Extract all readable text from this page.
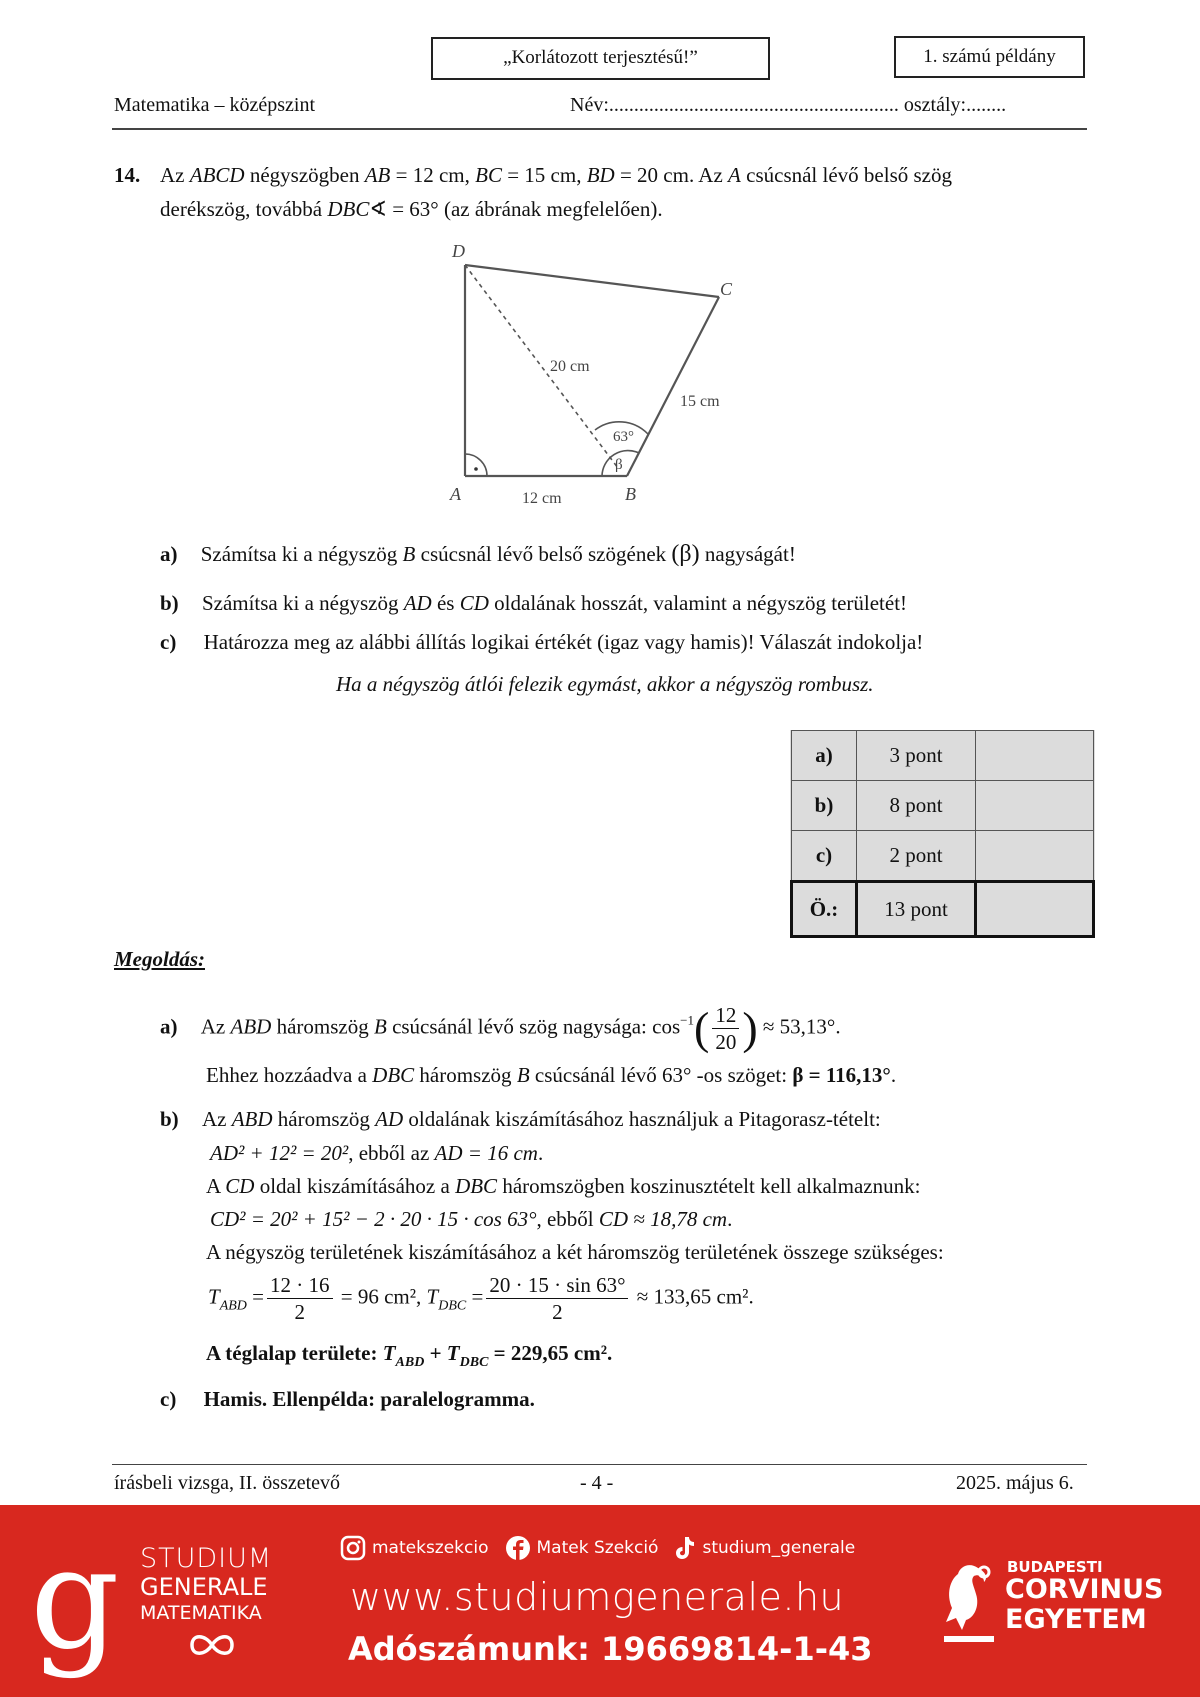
„Korlátozott terjesztésű!”	1. számú példány
Matematika – középszint	Név:.......................................................... osztály:........
14. Az ABCD négyszögben AB = 12 cm, BC = 15 cm, BD = 20 cm. Az A csúcsnál lévő belső szög
derékszög, továbbá DBC∢ = 63° (az ábrának megfelelően).
D
C
A	B
12 cm
20 cm
15 cm
63°
β
a) Számítsa ki a négyszög B csúcsnál lévő belső szögének (β) nagyságát!
b) Számítsa ki a négyszög AD és CD oldalának hosszát, valamint a négyszög területét!
c) Határozza meg az alábbi állítás logikai értékét (igaz vagy hamis)! Válaszát indokolja!
Ha a négyszög átlói felezik egymást, akkor a négyszög rombusz.
a)	3 pont	
b)	8 pont	
c)	2 pont	
Ö.:	13 pont	
Megoldás:
a) Az ABD háromszög B csúcsánál lévő szög nagysága: $\cos^{-1}( \frac{12}{20}$ ) ≈ 53,13°.
Ehhez hozzáadva a DBC háromszög B csúcsánál lévő 63° -os szöget: β = 116,13°.
b) Az ABD háromszög AD oldalának kiszámításához használjuk a Pitagorasz-tételt:
AD² + 12² = 20², ebből az AD = 16 cm.
A CD oldal kiszámításához a DBC háromszögben koszinusztételt kell alkalmaznunk:
CD² = 20² + 15² − 2 · 20 · 15 · cos 63°, ebből CD ≈ 18,78 cm.
A négyszög területének kiszámításához a két háromszög területének összege szükséges:
$T_{ABD} = \frac{12 \cdot 16}{2} = 96$ cm², $T_{DBC} = \frac{20 \cdot 15 \cdot \sin 63^\circ}{2} \approx 133,65$ cm².
A téglalap területe: $T_{ABD} + T_{DBC} = 229,65$ cm².
c) Hamis. Ellenpélda: paralelogramma.
írásbeli vizsga, II. összetevő	- 4 -	2025. május 6.
g STUDIUM
GENERALE
MATEMATIKA
matekszekcio	Matek Szekció	studium_generale
www.studiumgenerale.hu
Adószámunk: 19669814-1-43
BUDAPESTI
CORVINUS
EGYETEM
